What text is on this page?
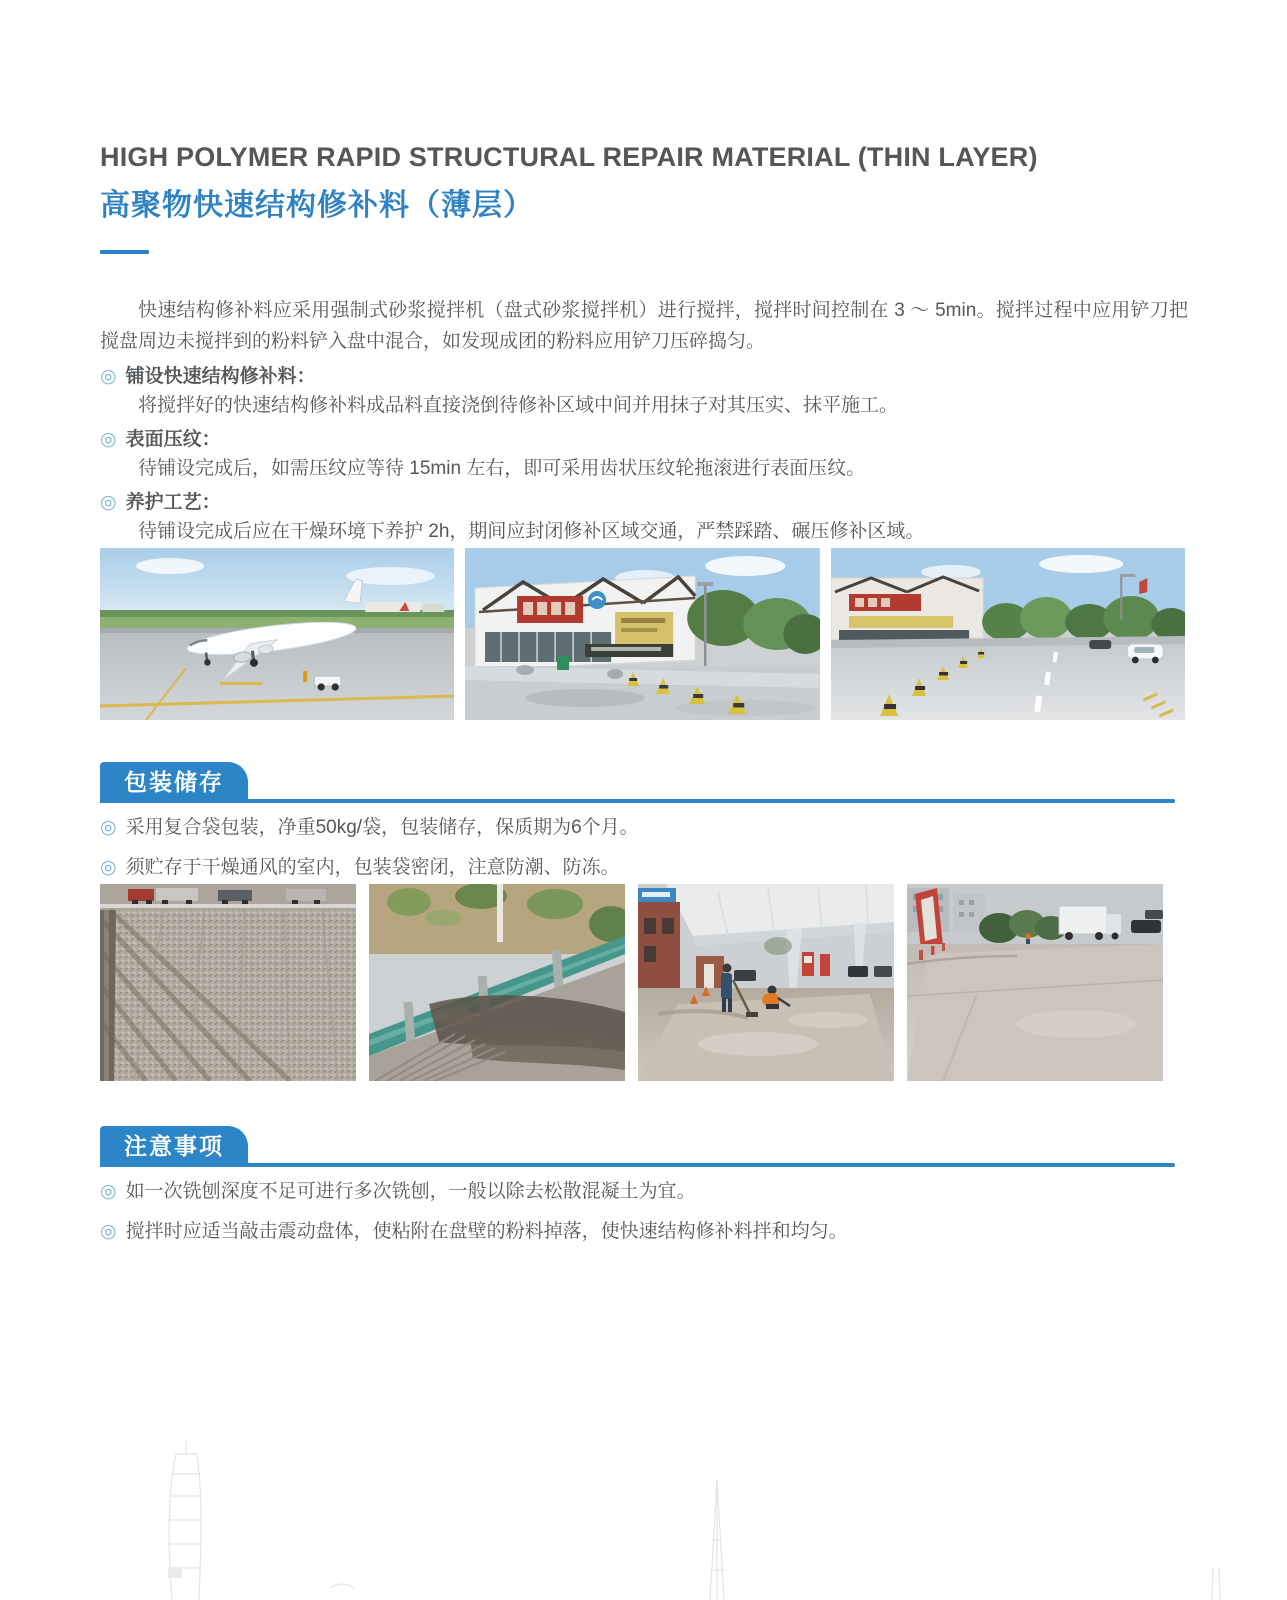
HIGH POLYMER RAPID STRUCTURAL REPAIR MATERIAL (THIN LAYER)
高聚物快速结构修补料（薄层）

快速结构修补料应采用强制式砂浆搅拌机（盘式砂浆搅拌机）进行搅拌，搅拌时间控制在 3 ～ 5min。搅拌过程中应用铲刀把搅盘周边未搅拌到的粉料铲入盘中混合，如发现成团的粉料应用铲刀压碎捣匀。

◎ 铺设快速结构修补料：
将搅拌好的快速结构修补料成品料直接浇倒待修补区域中间并用抹子对其压实、抹平施工。
◎ 表面压纹：
待铺设完成后，如需压纹应等待 15min 左右，即可采用齿状压纹轮拖滚进行表面压纹。
◎ 养护工艺：
待铺设完成后应在干燥环境下养护 2h，期间应封闭修补区域交通，严禁踩踏、碾压修补区域。
包装储存
◎ 采用复合袋包装，净重50kg/袋，包装储存，保质期为6个月。
◎ 须贮存于干燥通风的室内，包装袋密闭，注意防潮、防冻。
注意事项
◎ 如一次铣刨深度不足可进行多次铣刨，一般以除去松散混凝土为宜。
◎ 搅拌时应适当敲击震动盘体，使粘附在盘壁的粉料掉落，使快速结构修补料拌和均匀。
